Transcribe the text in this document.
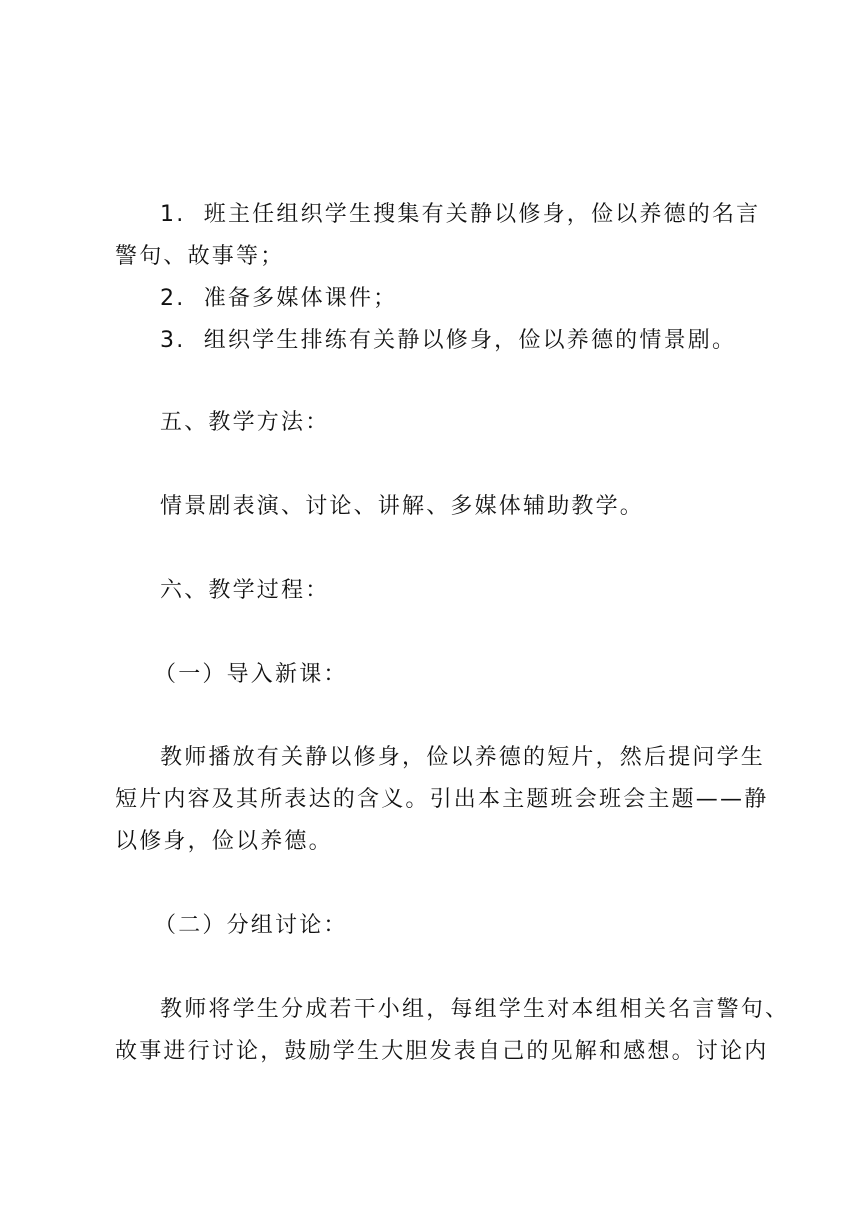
1. 班主任组织学生搜集有关静以修身，俭以养德的名言

警句、故事等；

2. 准备多媒体课件；

3. 组织学生排练有关静以修身，俭以养德的情景剧。

五、教学方法：

情景剧表演、讨论、讲解、多媒体辅助教学。

六、教学过程：

（一）导入新课：

教师播放有关静以修身，俭以养德的短片，然后提问学生

短片内容及其所表达的含义。引出本主题班会班会主题——静

以修身，俭以养德。

（二）分组讨论：

教师将学生分成若干小组，每组学生对本组相关名言警句、

故事进行讨论，鼓励学生大胆发表自己的见解和感想。讨论内
